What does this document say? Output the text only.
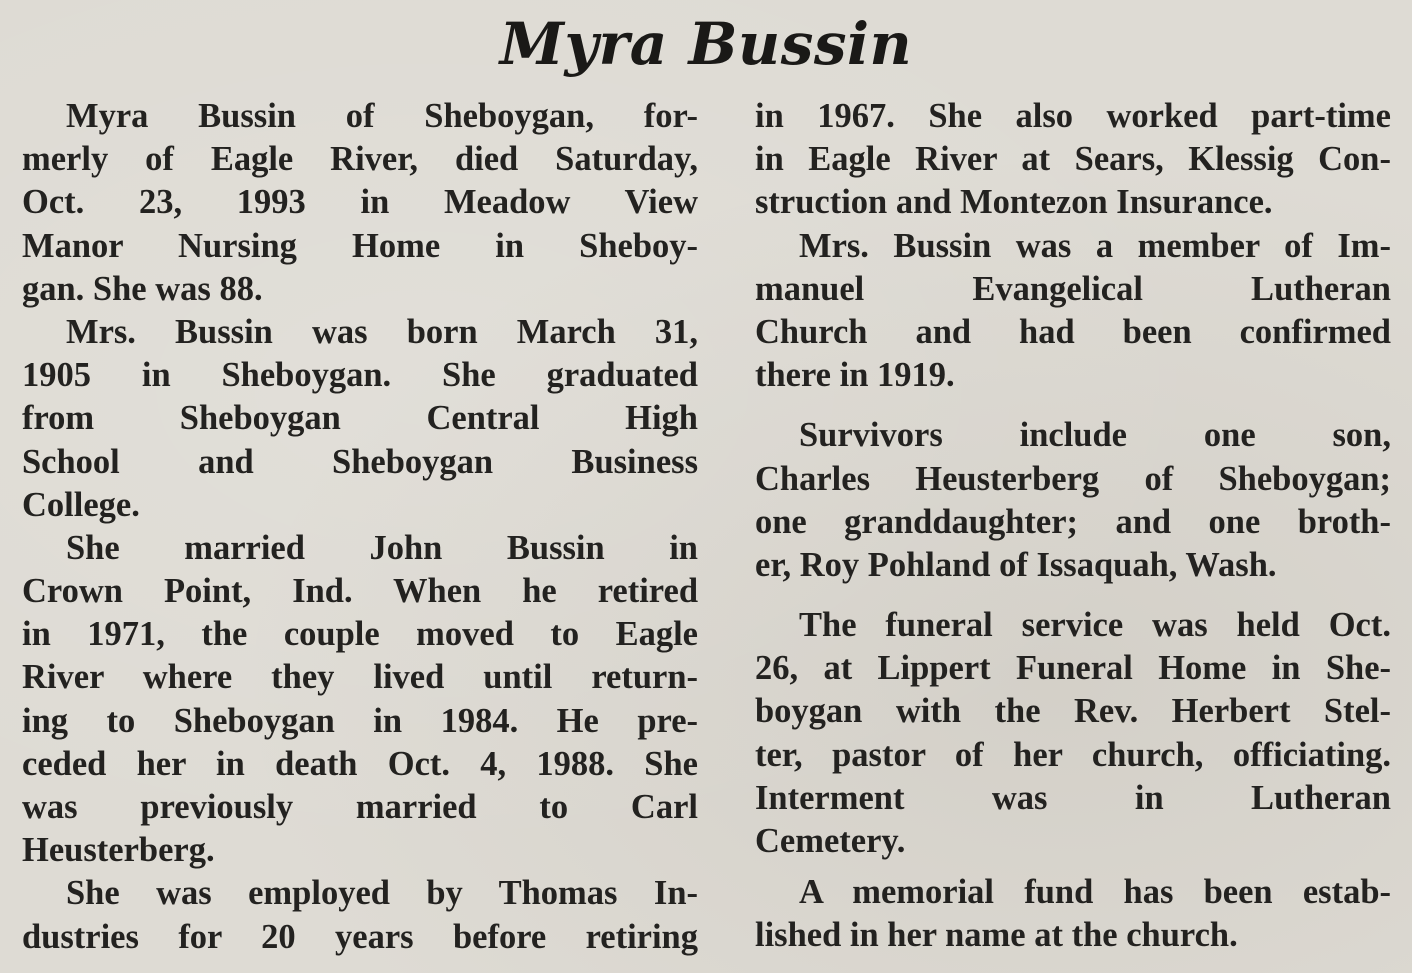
Myra Bussin
Myra Bussin of Sheboygan, for-
merly of Eagle River, died Saturday,
Oct. 23, 1993 in Meadow View
Manor Nursing Home in Sheboy-
gan. She was 88.
Mrs. Bussin was born March 31,
1905 in Sheboygan. She graduated
from Sheboygan Central High
School and Sheboygan Business
College.
She married John Bussin in
Crown Point, Ind. When he retired
in 1971, the couple moved to Eagle
River where they lived until return-
ing to Sheboygan in 1984. He pre-
ceded her in death Oct. 4, 1988. She
was previously married to Carl
Heusterberg.
She was employed by Thomas In-
dustries for 20 years before retiring
in 1967. She also worked part-time
in Eagle River at Sears, Klessig Con-
struction and Montezon Insurance.
Mrs. Bussin was a member of Im-
manuel Evangelical Lutheran
Church and had been confirmed
there in 1919.
Survivors include one son,
Charles Heusterberg of Sheboygan;
one granddaughter; and one broth-
er, Roy Pohland of Issaquah, Wash.
The funeral service was held Oct.
26, at Lippert Funeral Home in She-
boygan with the Rev. Herbert Stel-
ter, pastor of her church, officiating.
Interment was in Lutheran
Cemetery.
A memorial fund has been estab-
lished in her name at the church.
